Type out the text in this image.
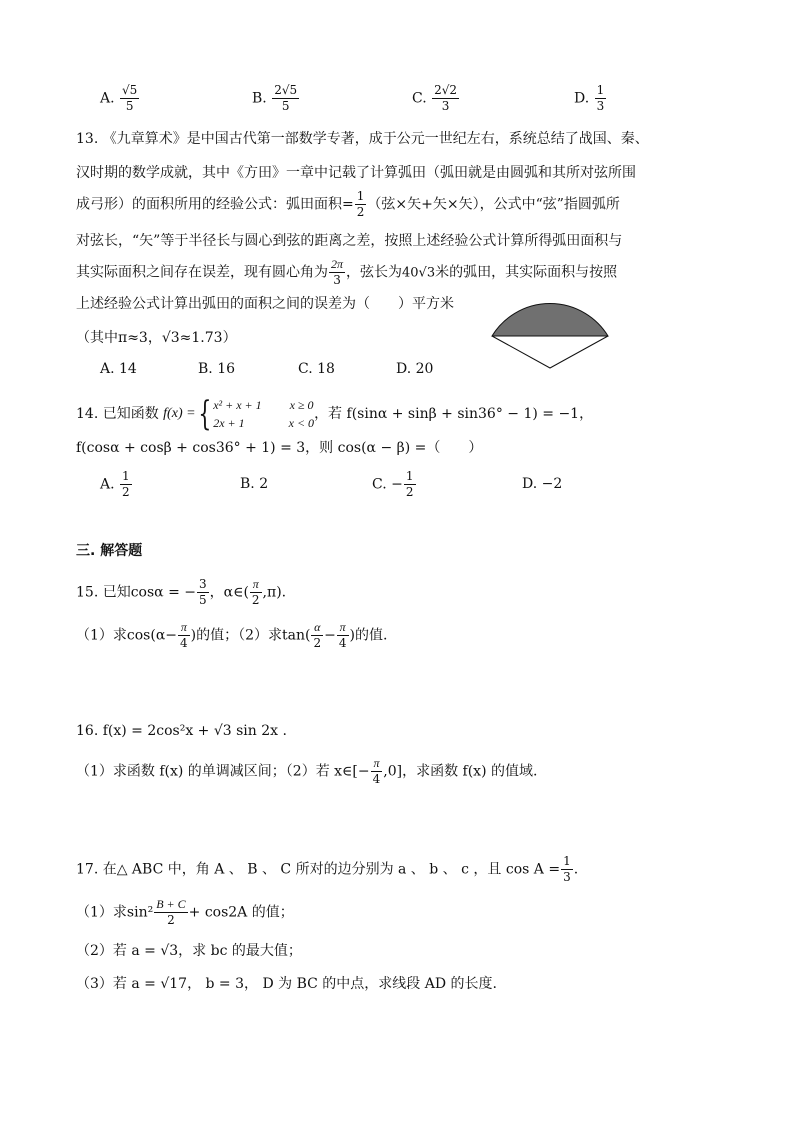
A. $\frac{√5}{5}$	B. $\frac{2√5}{5}$	C. $\frac{2√2}{3}$	D. $\frac{1}{3}$
13. 《九章算术》是中国古代第一部数学专著，成于公元一世纪左右，系统总结了战国、秦、
汉时期的数学成就，其中《方田》一章中记载了计算弧田（弧田就是由圆弧和其所对弦所围
成弓形）的面积所用的经验公式：弧田面积= $\frac{1}{2}$ （弦×矢+矢×矢），公式中“弦”指圆弧所
对弦长，“矢”等于半径长与圆心到弦的距离之差，按照上述经验公式计算所得弧田面积与
其实际面积之间存在误差，现有圆心角为 $\frac{2\pi}{3}$ ，弦长为40√3米的弧田，其实际面积与按照
上述经验公式计算出弧田的面积之间的误差为（　　）平方米
（其中π≈3，√3≈1.73）
A. 14	B. 16	C. 18	D. 20
14. 已知函数 f(x) ={ x² + x + 1 x ≥ 0
2x + 1	x < 0
，若 f(sinα + sinβ + sin36° − 1) = −1，
f(cosα + cosβ + cos36° + 1) = 3，则 cos(α − β) =（　　）
A. $\frac{1}{2}$	B. 2	C. − $\frac{1}{2}$	D. −2
三. 解答题
15. 已知cosα = − $\frac{3}{5}$ ，α∈( $\frac{\pi}{2} ,\pi$).
（1）求$\cos(\alpha- \frac{\pi}{4}$ )的值；（2）求$\tan( \frac{\alpha}{2} - \frac{\pi}{4}$ )的值.
16. f(x) = 2cos²x + √3 sin 2x .
（1）求函数 f(x) 的单调减区间；（2）若 x∈[− $\frac{\pi}{4} ,0$]，求函数 f(x) 的值域.
17. 在△ ABC 中，角 A 、 B 、 C 所对的边分别为 a 、 b 、 c ，且 $\cos A = \frac{1}{3}$ .
（1）求$\sin^2 \frac{B + C}{2} + \cos 2A$ 的值；
（2）若 a = √3，求 bc 的最大值；
（3）若 a = √17， b = 3， D 为 BC 的中点，求线段 AD 的长度.
